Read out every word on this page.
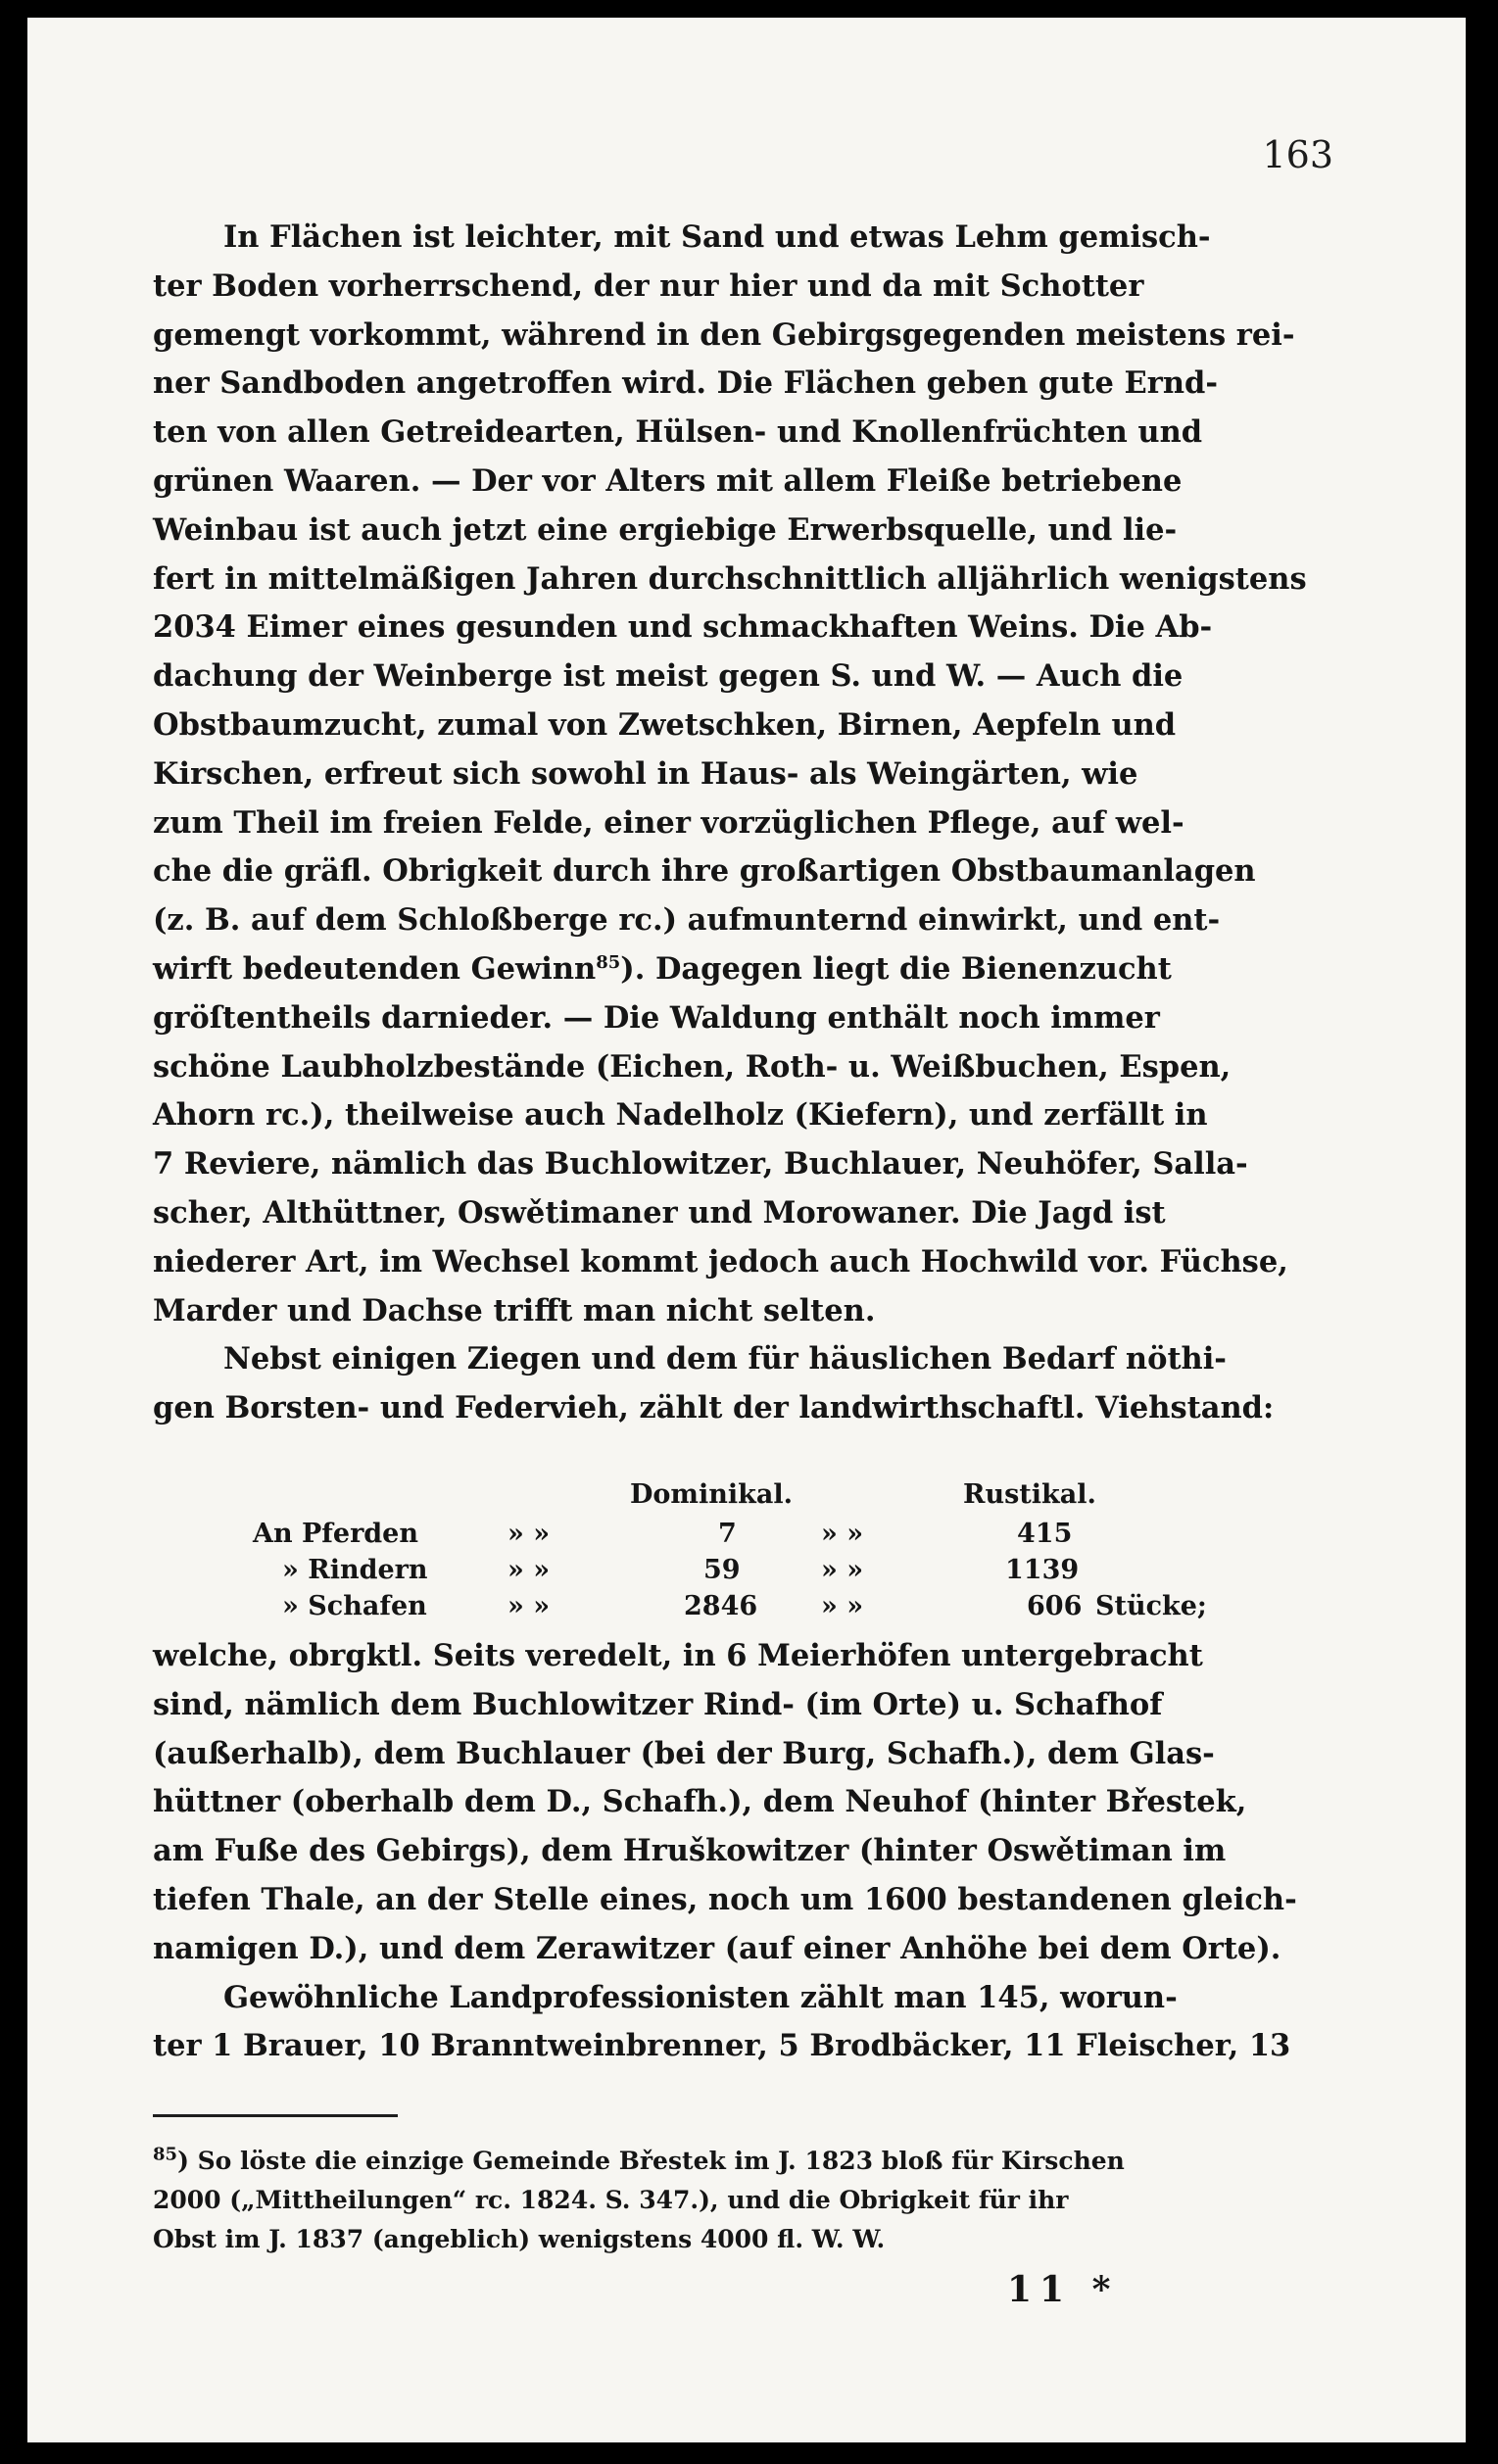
163

In Flächen ist leichter, mit Sand und etwas Lehm gemisch-
ter Boden vorherrschend, der nur hier und da mit Schotter
gemengt vorkommt, während in den Gebirgsgegenden meistens rei-
ner Sandboden angetroffen wird. Die Flächen geben gute Ernd-
ten von allen Getreidearten, Hülsen- und Knollenfrüchten und
grünen Waaren. — Der vor Alters mit allem Fleiße betriebene
Weinbau ist auch jetzt eine ergiebige Erwerbsquelle, und lie-
fert in mittelmäßigen Jahren durchschnittlich alljährlich wenigstens
2034 Eimer eines gesunden und schmackhaften Weins. Die Ab-
dachung der Weinberge ist meist gegen S. und W. — Auch die
Obstbaumzucht, zumal von Zwetschken, Birnen, Aepfeln und
Kirschen, erfreut sich sowohl in Haus- als Weingärten, wie
zum Theil im freien Felde, einer vorzüglichen Pflege, auf wel-
che die gräfl. Obrigkeit durch ihre großartigen Obstbaumanlagen
(z. B. auf dem Schloßberge rc.) aufmunternd einwirkt, und ent-
wirft bedeutenden Gewinn$^{85}$). Dagegen liegt die Bienenzucht
gröſtentheils darnieder. — Die Waldung enthält noch immer
schöne Laubholzbestände (Eichen, Roth- u. Weißbuchen, Espen,
Ahorn rc.), theilweise auch Nadelholz (Kiefern), und zerfällt in
7 Reviere, nämlich das Buchlowitzer, Buchlauer, Neuhöfer, Salla-
scher, Althüttner, Oswětimaner und Morowaner. Die Jagd ist
niederer Art, im Wechsel kommt jedoch auch Hochwild vor. Füchse,
Marder und Dachse trifft man nicht selten.

Nebst einigen Ziegen und dem für häuslichen Bedarf nöthi-
gen Borsten- und Federvieh, zählt der landwirthschaftl. Viehstand:

Dominikal.	Rustikal.
An Pferden	» »	7	» »	415
» Rindern	» »	59	» »	1139
» Schafen	» »	2846 » »	606 Stücke;

welche, obrgktl. Seits veredelt, in 6 Meierhöfen untergebracht
sind, nämlich dem Buchlowitzer Rind- (im Orte) u. Schafhof
(außerhalb), dem Buchlauer (bei der Burg, Schafh.), dem Glas-
hüttner (oberhalb dem D., Schafh.), dem Neuhof (hinter Břestek,
am Fuße des Gebirgs), dem Hruškowitzer (hinter Oswětiman im
tiefen Thale, an der Stelle eines, noch um 1600 bestandenen gleich-
namigen D.), und dem Zerawitzer (auf einer Anhöhe bei dem Orte).

Gewöhnliche Landprofessionisten zählt man 145, worun-
ter 1 Brauer, 10 Branntweinbrenner, 5 Brodbäcker, 11 Fleischer, 13

$^{85}$) So löste die einzige Gemeinde Břestek im J. 1823 bloß für Kirschen
2000 („Mittheilungen“ rc. 1824. S. 347.), und die Obrigkeit für ihr
Obst im J. 1837 (angeblich) wenigstens 4000 fl. W. W.
11 *
